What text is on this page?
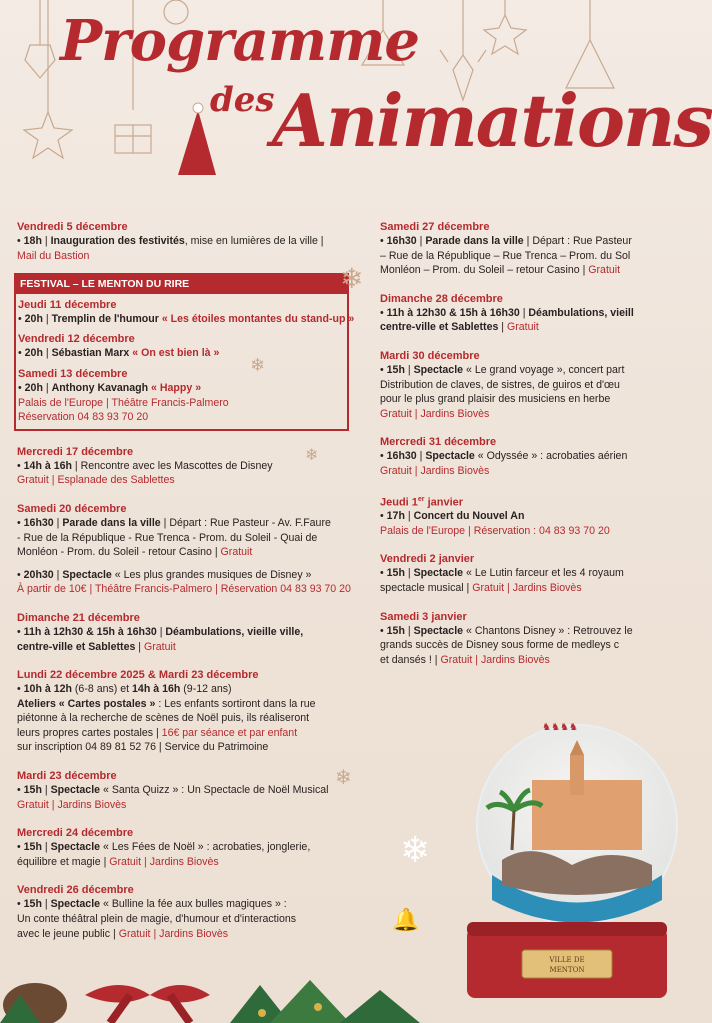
Programme
des
Animations
Vendredi 5 décembre
• 18h | Inauguration des festivités, mise en lumières de la ville |
Mail du Bastion
FESTIVAL – LE MENTON DU RIRE
Jeudi 11 décembre
• 20h | Tremplin de l'humour « Les étoiles montantes du stand-up »
Vendredi 12 décembre
• 20h | Sébastian Marx « On est bien là »
Samedi 13 décembre
• 20h | Anthony Kavanagh « Happy »
Palais de l'Europe | Théâtre Francis-Palmero
Réservation 04 83 93 70 20
Mercredi 17 décembre
• 14h à 16h | Rencontre avec les Mascottes de Disney
Gratuit | Esplanade des Sablettes
Samedi 20 décembre
• 16h30 | Parade dans la ville | Départ : Rue Pasteur - Av. F.Faure
- Rue de la République - Rue Trenca - Prom. du Soleil - Quai de
Monléon - Prom. du Soleil - retour Casino | Gratuit
• 20h30 | Spectacle « Les plus grandes musiques de Disney »
À partir de 10€ | Théâtre Francis-Palmero | Réservation 04 83 93 70 20
Dimanche 21 décembre
• 11h à 12h30 & 15h à 16h30 | Déambulations, vieille ville,
centre-ville et Sablettes | Gratuit
Lundi 22 décembre 2025 & Mardi 23 décembre
• 10h à 12h (6-8 ans) et 14h à 16h (9-12 ans)
Ateliers « Cartes postales » : Les enfants sortiront dans la rue
piétonne à la recherche de scènes de Noël puis, ils réaliseront
leurs propres cartes postales | 16€ par séance et par enfant
sur inscription 04 89 81 52 76 | Service du Patrimoine
Mardi 23 décembre
• 15h | Spectacle « Santa Quizz » : Un Spectacle de Noël Musical
Gratuit | Jardins Biovès
Mercredi 24 décembre
• 15h | Spectacle « Les Fées de Noël » : acrobaties, jonglerie,
équilibre et magie | Gratuit | Jardins Biovès
Vendredi 26 décembre
• 15h | Spectacle « Bulline la fée aux bulles magiques » :
Un conte théâtral plein de magie, d'humour et d'interactions
avec le jeune public | Gratuit | Jardins Biovès
Samedi 27 décembre
• 16h30 | Parade dans la ville | Départ : Rue Pasteur
– Rue de la République – Rue Trenca – Prom. du Sol
Monléon – Prom. du Soleil – retour Casino | Gratuit
Dimanche 28 décembre
• 11h à 12h30 & 15h à 16h30 | Déambulations, vieill
centre-ville et Sablettes | Gratuit
Mardi 30 décembre
• 15h | Spectacle « Le grand voyage », concert part
Distribution de claves, de sistres, de guiros et d'œu
pour le plus grand plaisir des musiciens en herbe
Gratuit | Jardins Biovès
Mercredi 31 décembre
• 16h30 | Spectacle « Odyssée » : acrobaties aérien
Gratuit | Jardins Biovès
Jeudi 1er janvier
• 17h | Concert du Nouvel An
Palais de l'Europe | Réservation : 04 83 93 70 20
Vendredi 2 janvier
• 15h | Spectacle « Le Lutin farceur et les 4 royaum
spectacle musical | Gratuit | Jardins Biovès
Samedi 3 janvier
• 15h | Spectacle « Chantons Disney » : Retrouvez le
grands succès de Disney sous forme de medleys c
et dansés ! | Gratuit | Jardins Biovès
♞♞♞♞
VILLE DE
MENTON
❄
❄
❄
❄
❄
🔔
